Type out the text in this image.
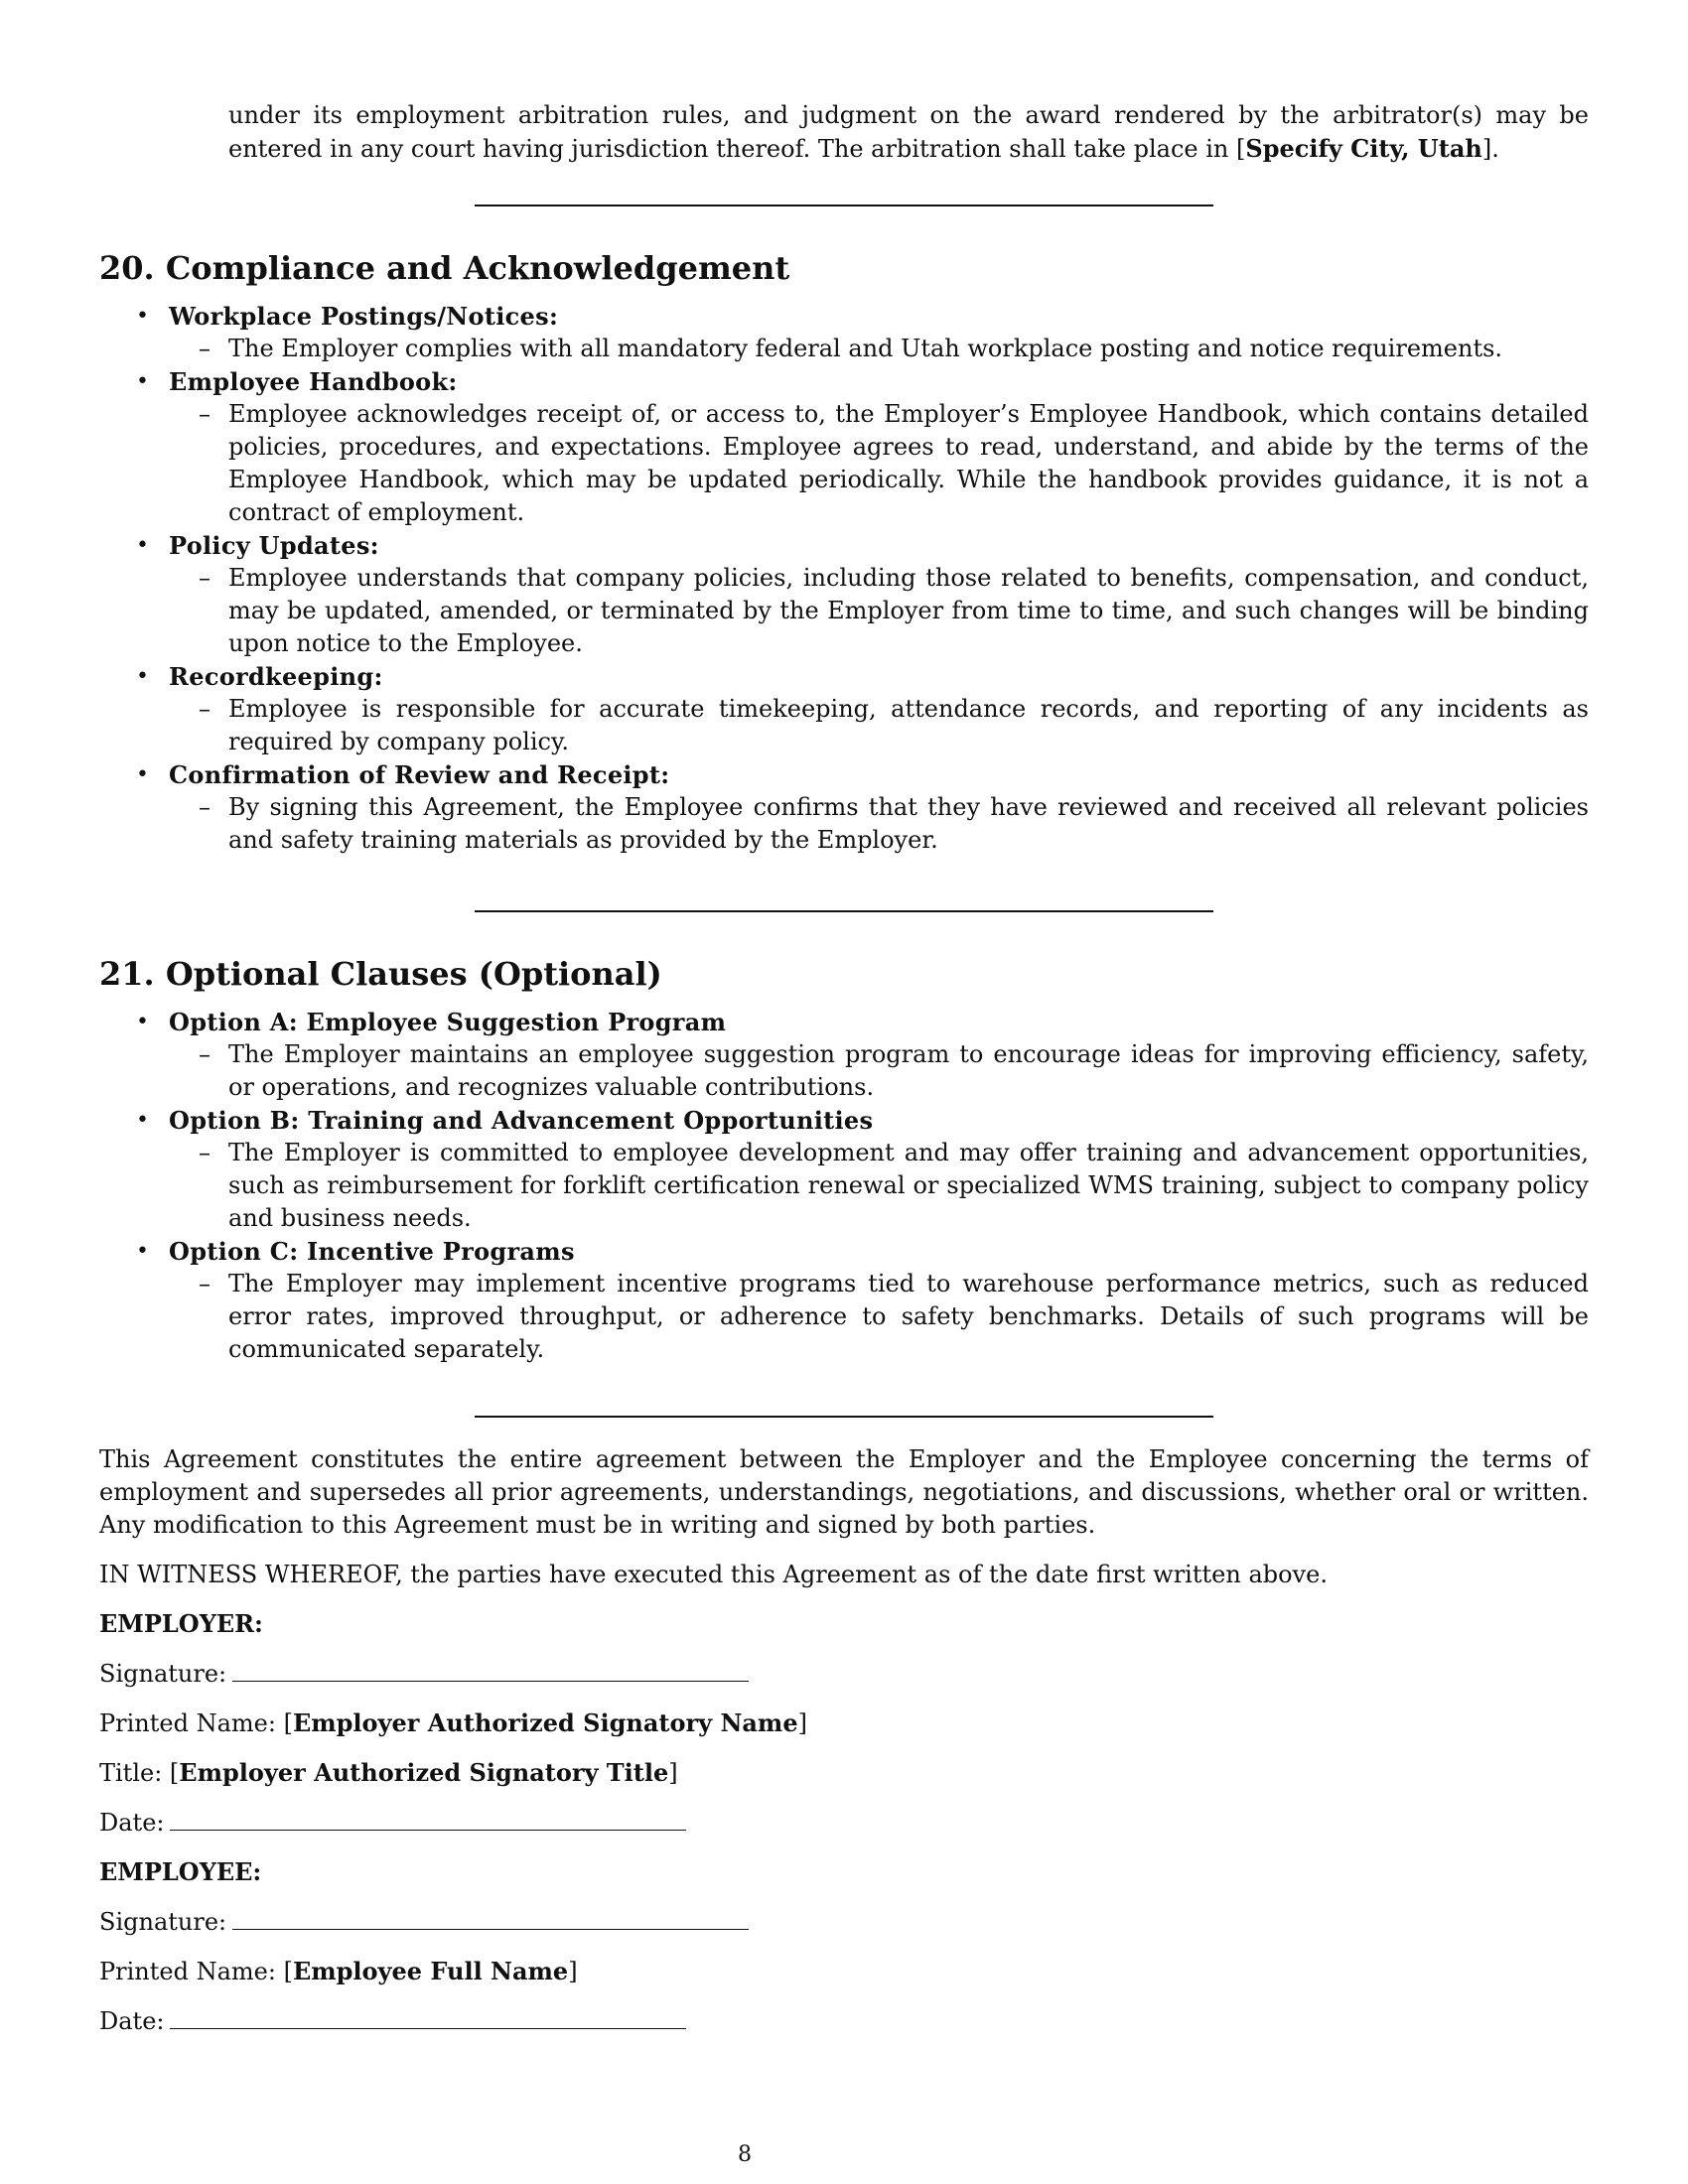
under its employment arbitration rules, and judgment on the award rendered by the arbitrator(s) may be entered in any court having jurisdiction thereof. The arbitration shall take place in [Specify City, Utah].
20. Compliance and Acknowledgement
• Workplace Postings/Notices:
– The Employer complies with all mandatory federal and Utah workplace posting and notice requirements.
• Employee Handbook:
– Employee acknowledges receipt of, or access to, the Employer’s Employee Handbook, which contains detailed policies, procedures, and expectations. Employee agrees to read, understand, and abide by the terms of the Employee Handbook, which may be updated periodically. While the handbook provides guidance, it is not a contract of employment.
• Policy Updates:
– Employee understands that company policies, including those related to benefits, compensation, and conduct, may be updated, amended, or terminated by the Employer from time to time, and such changes will be binding upon notice to the Employee.
• Recordkeeping:
– Employee is responsible for accurate timekeeping, attendance records, and reporting of any incidents as required by company policy.
• Confirmation of Review and Receipt:
– By signing this Agreement, the Employee confirms that they have reviewed and received all relevant policies and safety training materials as provided by the Employer.
21. Optional Clauses (Optional)
• Option A: Employee Suggestion Program
– The Employer maintains an employee suggestion program to encourage ideas for improving efficiency, safety, or operations, and recognizes valuable contributions.
• Option B: Training and Advancement Opportunities
– The Employer is committed to employee development and may offer training and advancement opportunities, such as reimbursement for forklift certification renewal or specialized WMS training, subject to company policy and business needs.
• Option C: Incentive Programs
– The Employer may implement incentive programs tied to warehouse performance metrics, such as reduced error rates, improved throughput, or adherence to safety benchmarks. Details of such programs will be communicated separately.
This Agreement constitutes the entire agreement between the Employer and the Employee concerning the terms of employment and supersedes all prior agreements, understandings, negotiations, and discussions, whether oral or written. Any modification to this Agreement must be in writing and signed by both parties.
IN WITNESS WHEREOF, the parties have executed this Agreement as of the date first written above.
EMPLOYER:
Signature:
Printed Name: [Employer Authorized Signatory Name]
Title: [Employer Authorized Signatory Title]
Date:
EMPLOYEE:
Signature:
Printed Name: [Employee Full Name]
Date:
8
